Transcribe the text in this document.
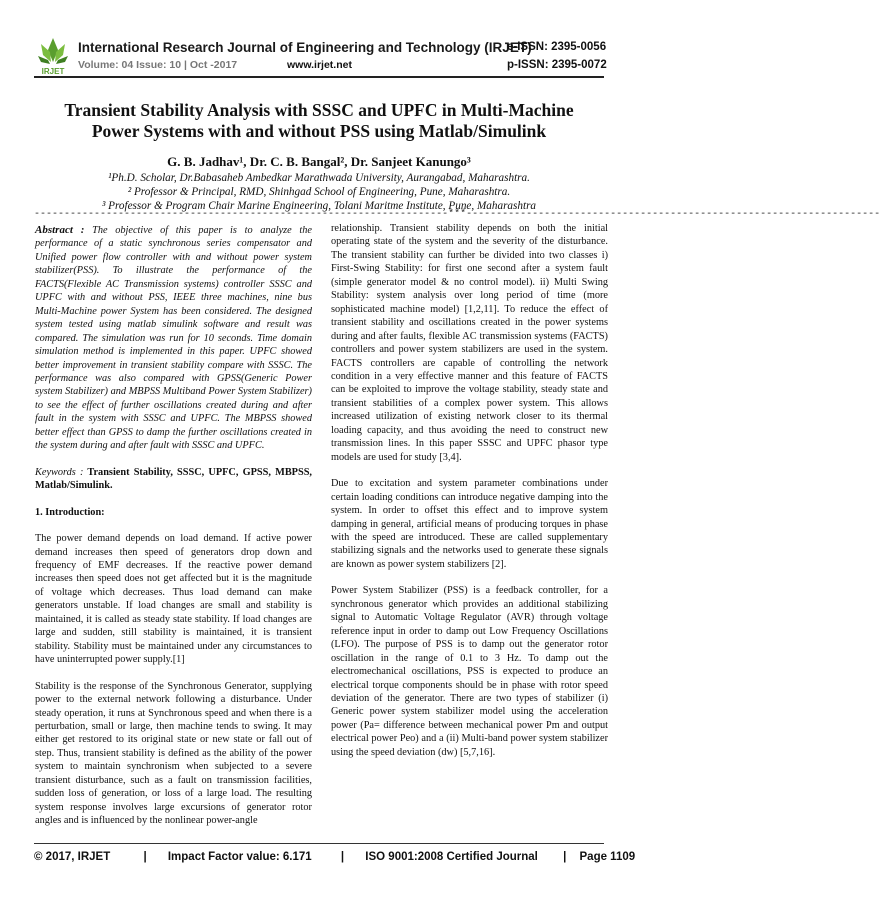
IRJET
International Research Journal of Engineering and Technology (IRJET)
e-ISSN: 2395-0056
Volume: 04 Issue: 10 | Oct -2017	www.irjet.net	p-ISSN: 2395-0072
Transient Stability Analysis with SSSC and UPFC in Multi-Machine
Power Systems with and without PSS using Matlab/Simulink
G. B. Jadhav¹, Dr. C. B. Bangal², Dr. Sanjeet Kanungo³
¹Ph.D. Scholar, Dr.Babasaheb Ambedkar Marathwada University, Aurangabad, Maharashtra.
² Professor & Principal, RMD, Shinhgad School of Engineering, Pune, Maharashtra.
³ Professor & Program Chair Marine Engineering, Tolani Maritme Institute, Pune, Maharashtra
---------------------------------------------------------------------***---------------------------------------------------------------------

Abstract : The objective of this paper is to analyze the performance of a static synchronous series compensator and Unified power flow controller with and without power system stabilizer(PSS). To illustrate the performance of the FACTS(Flexible AC Transmission systems) controller SSSC and UPFC with and without PSS, IEEE three machines, nine bus Multi-Machine power System has been considered. The designed system tested using matlab simulink software and result was compared. The simulation was run for 10 seconds. Time domain simulation method is implemented in this paper. UPFC showed better improvement in transient stability compare with SSSC. The performance was also compared with GPSS(Generic Power system Stabilizer) and MBPSS Multiband Power System Stabilizer) to see the effect of further oscillations created during and after fault in the system with SSSC and UPFC. The MBPSS showed better effect than GPSS to damp the further oscillations created in the system during and after fault with SSSC and UPFC.

Keywords : Transient Stability, SSSC, UPFC, GPSS, MBPSS, Matlab/Simulink.

1. Introduction:

The power demand depends on load demand. If active power demand increases then speed of generators drop down and frequency of EMF decreases. If the reactive power demand increases then speed does not get affected but it is the magnitude of voltage which decreases. Thus load demand can make generators unstable. If load changes are small and stability is maintained, it is called as steady state stability. If load changes are large and sudden, still stability is maintained, it is transient stability. Stability must be maintained under any circumstances to have uninterrupted power supply.[1]

Stability is the response of the Synchronous Generator, supplying power to the external network following a disturbance. Under steady operation, it runs at Synchronous speed and when there is a perturbation, small or large, then machine tends to swing. It may either get restored to its original state or new state or fall out of step. Thus, transient stability is defined as the ability of the power system to maintain synchronism when subjected to a severe transient disturbance, such as a fault on transmission facilities, sudden loss of generation, or loss of a large load. The resulting system response involves large excursions of generator rotor angles and is influenced by the nonlinear power-angle

relationship. Transient stability depends on both the initial operating state of the system and the severity of the disturbance. The transient stability can further be divided into two classes i) First-Swing Stability: for first one second after a system fault (simple generator model & no control model). ii) Multi Swing Stability: system analysis over long period of time (more sophisticated machine model) [1,2,11]. To reduce the effect of transient stability and oscillations created in the power systems during and after faults, flexible AC transmission systems (FACTS) controllers and power system stabilizers are used in the system. FACTS controllers are capable of controlling the network condition in a very effective manner and this feature of FACTS can be exploited to improve the voltage stability, steady state and transient stabilities of a complex power system. This allows increased utilization of existing network closer to its thermal loading capacity, and thus avoiding the need to construct new transmission lines. In this paper SSSC and UPFC phasor type models are used for study [3,4].

Due to excitation and system parameter combinations under certain loading conditions can introduce negative damping into the system. In order to offset this effect and to improve system damping in general, artificial means of producing torques in phase with the speed are introduced. These are called supplementary stabilizing signals and the networks used to generate these signals are known as power system stabilizers [2].

Power System Stabilizer (PSS) is a feedback controller, for a synchronous generator which provides an additional stabilizing signal to Automatic Voltage Regulator (AVR) through voltage reference input in order to damp out Low Frequency Oscillations (LFO). The purpose of PSS is to damp out the generator rotor oscillation in the range of 0.1 to 3 Hz. To damp out the electromechanical oscillations, PSS is expected to produce an electrical torque components should be in phase with rotor speed deviation of the generator. There are two types of stabilizer (i) Generic power system stabilizer model using the acceleration power (Pa= difference between mechanical power Pm and output electrical power Peo) and a (ii) Multi-band power system stabilizer using the speed deviation (dw) [5,7,16].

© 2017, IRJET	| Impact Factor value: 6.171	| ISO 9001:2008 Certified Journal | Page 1109
